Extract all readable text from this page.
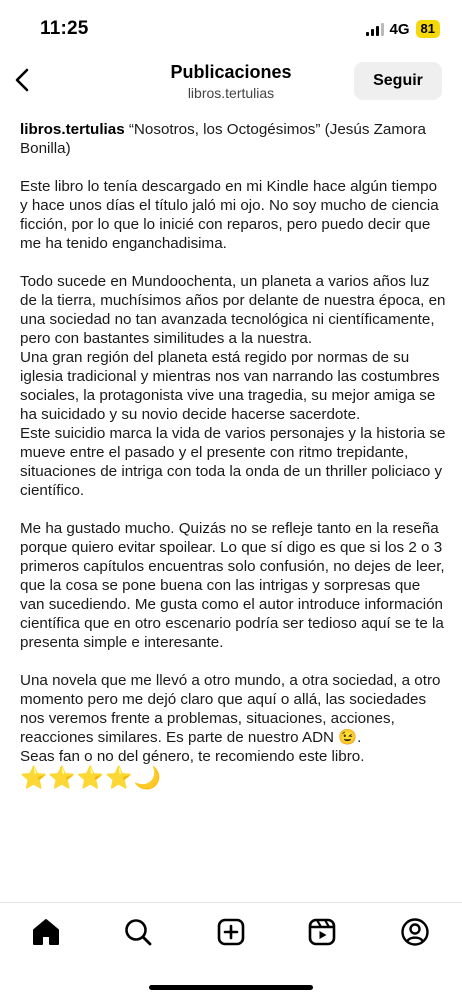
11:25	4G 81
Publicaciones
libros.tertulias
Seguir

libros.tertulias “Nosotros, los Octogésimos” (Jesús Zamora Bonilla)

Este libro lo tenía descargado en mi Kindle hace algún tiempo y hace unos días el título jaló mi ojo. No soy mucho de ciencia ficción, por lo que lo inicié con reparos, pero puedo decir que me ha tenido enganchadisima.

Todo sucede en Mundoochenta, un planeta a varios años luz de la tierra, muchísimos años por delante de nuestra época, en una sociedad no tan avanzada tecnológica ni científicamente, pero con bastantes similitudes a la nuestra.

Una gran región del planeta está regido por normas de su iglesia tradicional y mientras nos van narrando las costumbres sociales, la protagonista vive una tragedia, su mejor amiga se ha suicidado y su novio decide hacerse sacerdote.

Este suicidio marca la vida de varios personajes y la historia se mueve entre el pasado y el presente con ritmo trepidante, situaciones de intriga con toda la onda de un thriller policiaco y científico.

Me ha gustado mucho. Quizás no se refleje tanto en la reseña porque quiero evitar spoilear. Lo que sí digo es que si los 2 o 3 primeros capítulos encuentras solo confusión, no dejes de leer, que la cosa se pone buena con las intrigas y sorpresas que van sucediendo. Me gusta como el autor introduce información científica que en otro escenario podría ser tedioso aquí se te la presenta simple e interesante.

Una novela que me llevó a otro mundo, a otra sociedad, a otro momento pero me dejó claro que aquí o allá, las sociedades nos veremos frente a problemas, situaciones, acciones, reacciones similares. Es parte de nuestro ADN 😉.

Seas fan o no del género, te recomiendo este libro.

⭐⭐⭐⭐🌙
